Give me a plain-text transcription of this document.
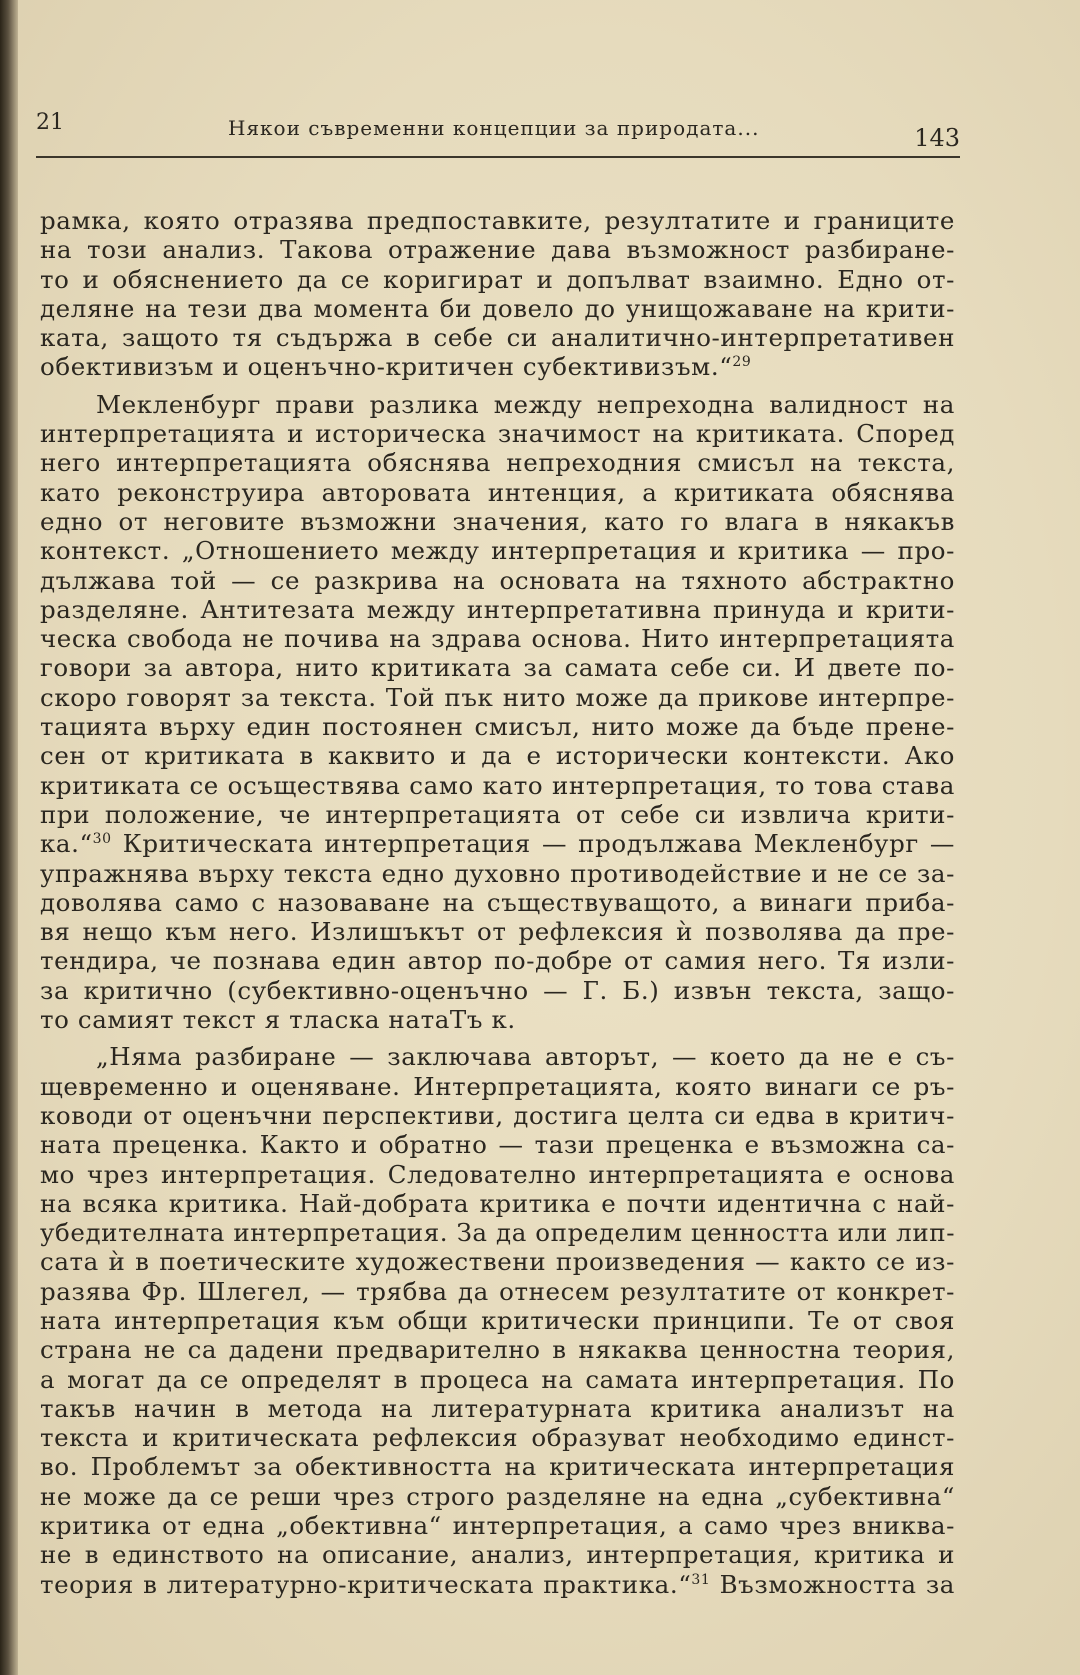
21	Някои съвременни концепции за природата...	143
рамка, която отразява предпоставките, резултатите и границите
на този анализ. Такова отражение дава възможност разбиране-
то и обяснението да се коригират и допълват взаимно. Едно от-
деляне на тези два момента би довело до унищожаване на крити-
ката, защото тя съдържа в себе си аналитично-интерпретативен
обективизъм и оценъчно-критичен субективизъм.“$^{29}$
Мекленбург прави разлика между непреходна валидност на
интерпретацията и историческа значимост на критиката. Според
него интерпретацията обяснява непреходния смисъл на текста,
като реконструира авторовата интенция, а критиката обяснява
едно от неговите възможни значения, като го влага в някакъв
контекст. „Отношението между интерпретация и критика — про-
дължава той — се разкрива на основата на тяхното абстрактно
разделяне. Антитезата между интерпретативна принуда и крити-
ческа свобода не почива на здрава основа. Нито интерпретацията
говори за автора, нито критиката за самата себе си. И двете по-
скоро говорят за текста. Той пък нито може да прикове интерпре-
тацията върху един постоянен смисъл, нито може да бъде прене-
сен от критиката в каквито и да е исторически контексти. Ако
критиката се осъществява само като интерпретация, то това става
при положение, че интерпретацията от себе си извлича крити-
ка.“$^{30}$ Критическата интерпретация — продължава Мекленбург —
упражнява върху текста едно духовно противодействие и не се за-
доволява само с назоваване на съществуващото, а винаги приба-
вя нещо към него. Излишъкът от рефлексия ѝ позволява да пре-
тендира, че познава един автор по-добре от самия него. Тя изли-
за критично (субективно-оценъчно — Г. Б.) извън текста, защо-
то самият текст я тласка натаТъ к.
„Няма разбиране — заключава авторът, — което да не е съ-
щевременно и оценяване. Интерпретацията, която винаги се ръ-
ководи от оценъчни перспективи, достига целта си едва в критич-
ната преценка. Както и обратно — тази преценка е възможна са-
мо чрез интерпретация. Следователно интерпретацията е основа
на всяка критика. Най-добрата критика е почти идентична с най-
убедителната интерпретация. За да определим ценността или лип-
сата ѝ в поетическите художествени произведения — както се из-
разява Фр. Шлегел, — трябва да отнесем резултатите от конкрет-
ната интерпретация към общи критически принципи. Те от своя
страна не са дадени предварително в някаква ценностна теория,
а могат да се определят в процеса на самата интерпретация. По
такъв начин в метода на литературната критика анализът на
текста и критическата рефлексия образуват необходимо единст-
во. Проблемът за обективността на критическата интерпретация
не може да се реши чрез строго разделяне на една „субективна“
критика от една „обективна“ интерпретация, а само чрез вниква-
не в единството на описание, анализ, интерпретация, критика и
теория в литературно-критическата практика.“$^{31}$ Възможността за
